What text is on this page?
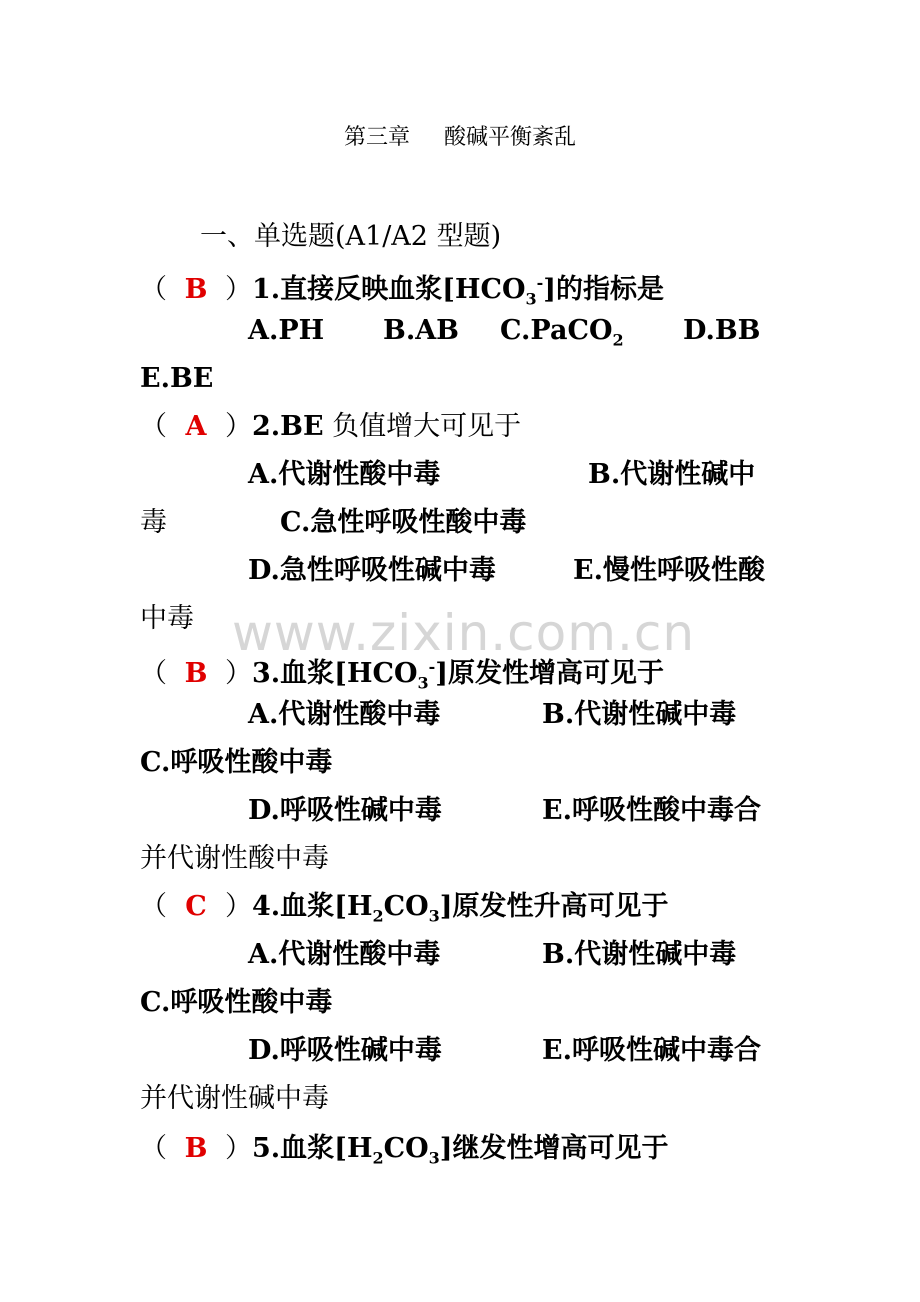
第三章 酸碱平衡紊乱
一、单选题(A1/A2 型题)
www.zixin.com.cn
（ B ）1.直接反映血浆$[HCO_3^-]$的指标是
A.PH B.AB C.PaCO$_2$ D.BB
E.BE
（ A ）2.BE 负值增大可见于
A.代谢性酸中毒	B.代谢性碱中
毒	C.急性呼吸性酸中毒
D.急性呼吸性碱中毒	E.慢性呼吸性酸
中毒
（ B ）3.血浆$[HCO_3^-]$原发性增高可见于
A.代谢性酸中毒	B.代谢性碱中毒
C.呼吸性酸中毒
D.呼吸性碱中毒	E.呼吸性酸中毒合
并代谢性酸中毒
（ C ）4.血浆$[H_2CO_3]$原发性升高可见于
A.代谢性酸中毒	B.代谢性碱中毒
C.呼吸性酸中毒
D.呼吸性碱中毒	E.呼吸性碱中毒合
并代谢性碱中毒
（ B ）5.血浆$[H_2CO_3]$继发性增高可见于
